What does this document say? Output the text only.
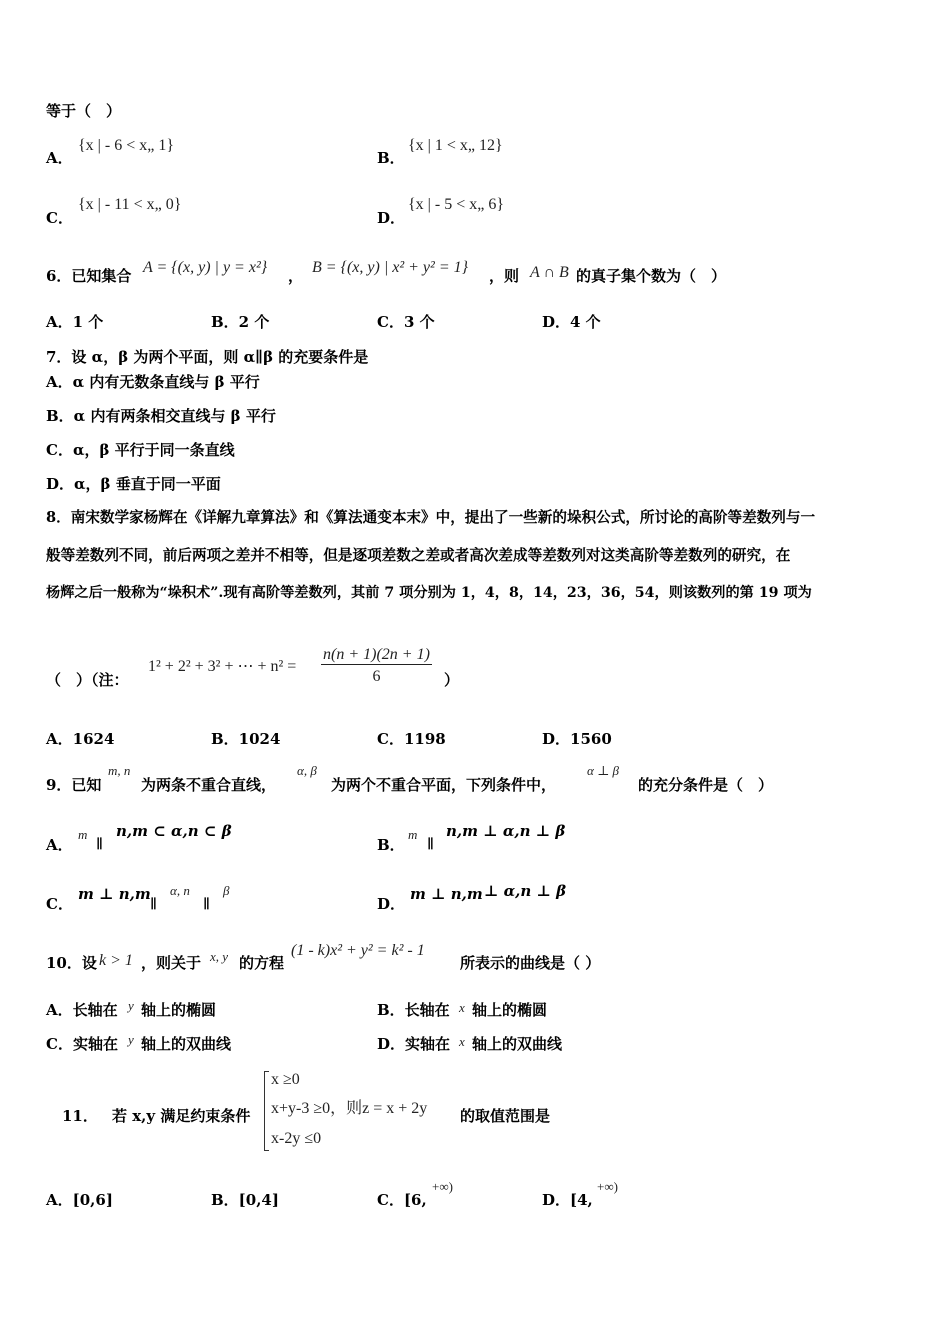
等于（　）
A．
{x | - 6 < x„ 1}
B．
{x | 1 < x„ 12}
C．
{x | - 11 < x„ 0}
D．
{x | - 5 < x„ 6}
6．已知集合 A = {(x, y) | y = x²} ， B = {(x, y) | x² + y² = 1} ，则 A ∩ B 的真子集个数为（　）
A．1 个	B．2 个	C．3 个	D．4 个
7．设 α，β 为两个平面，则 α∥β 的充要条件是
A．α 内有无数条直线与 β 平行
B．α 内有两条相交直线与 β 平行
C．α，β 平行于同一条直线
D．α，β 垂直于同一平面
8．南宋数学家杨辉在《详解九章算法》和《算法通变本末》中，提出了一些新的垛积公式，所讨论的高阶等差数列与一
般等差数列不同，前后两项之差并不相等，但是逐项差数之差或者高次差成等差数列对这类高阶等差数列的研究，在
杨辉之后一般称为“垛积术”.现有高阶等差数列，其前 7 项分别为 1，4，8，14，23，36，54，则该数列的第 19 项为
（　）（注：
1² + 2² + 3² + ⋯ + $n^2 = \frac{n(n + 1)(2n + 1)}{6}$ ）
A．1624	B．1024	C．1198	D．1560
9．已知
m, n
为两条不重合直线，
α, β
为两个不重合平面，下列条件中，
α ⊥ β
的充分条件是（　）
A．
m
∥
n,m ⊂ α,n ⊂ β
B．
m
∥
n,m ⊥ α,n ⊥ β
C．
m ⊥ n,m
∥
α, n
∥
β
D．
m ⊥ n,m ⊥ α,n ⊥ β
10．设 k > 1 ，则关于 x, y 的方程
(1 - k)x² + y² = k² - 1
所表示的曲线是（ ）
A．长轴在 y 轴上的椭圆	B．长轴在 x 轴上的椭圆
C．实轴在 y 轴上的双曲线	D．实轴在 x 轴上的双曲线
11． 若 x,y 满足约束条件
x ≥0
x+y-3 ≥0，则z = x + 2y
x-2y ≤0
的取值范围是
A．[0,6]	B．[0,4]	C．[6,
+∞)
D．[4,
+∞)
